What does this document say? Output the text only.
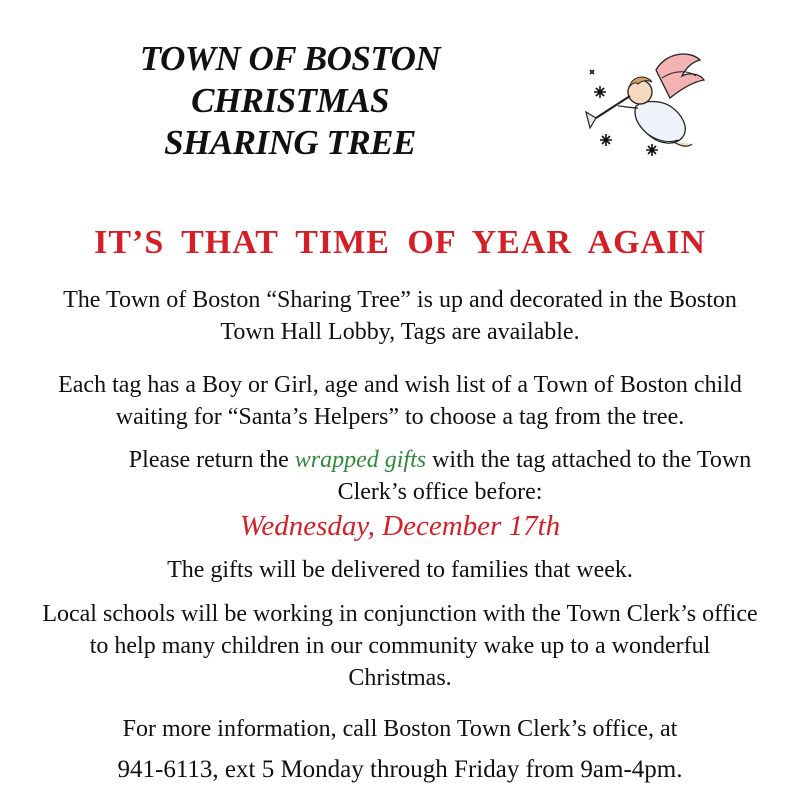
TOWN OF BOSTON
CHRISTMAS
SHARING TREE
IT’S THAT TIME OF YEAR AGAIN

The Town of Boston “Sharing Tree” is up and decorated in the Boston Town Hall Lobby, Tags are available.

Each tag has a Boy or Girl, age and wish list of a Town of Boston child waiting for “Santa’s Helpers” to choose a tag from the tree.

Please return the wrapped gifts with the tag attached to the Town Clerk’s office before:

Wednesday, December 17th

The gifts will be delivered to families that week.

Local schools will be working in conjunction with the Town Clerk’s office to help many children in our community wake up to a wonderful Christmas.

For more information, call Boston Town Clerk’s office, at

941-6113, ext 5 Monday through Friday from 9am-4pm.
